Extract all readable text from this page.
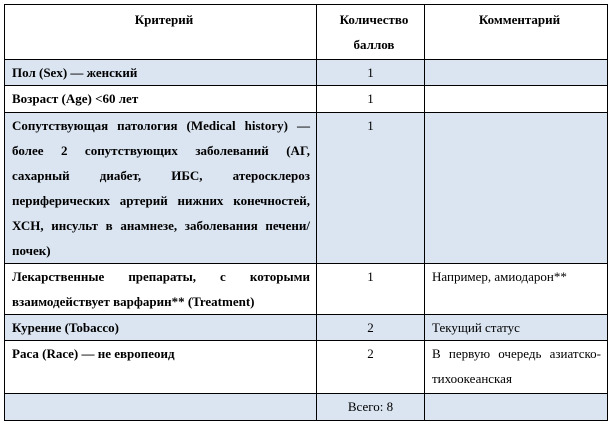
Критерий	Количество баллов	Комментарий
Пол (Sex) — женский	1	
Возраст (Age) <60 лет	1	
Сопутствующая патология (Medical history) — более 2 сопутствующих заболеваний (АГ, сахарный диабет, ИБС, атеросклероз периферических артерий нижних конечностей, ХСН, инсульт в анамнезе, заболевания печени/почек)	1	
Лекарственные препараты, с которыми взаимодействует варфарин** (Treatment)	1	Например, амиодарон**
Курение (Tobacco)	2	Текущий статус
Раса (Race) — не европеоид	2	В первую очередь азиатско-тихоокеанская
	Всего: 8	
